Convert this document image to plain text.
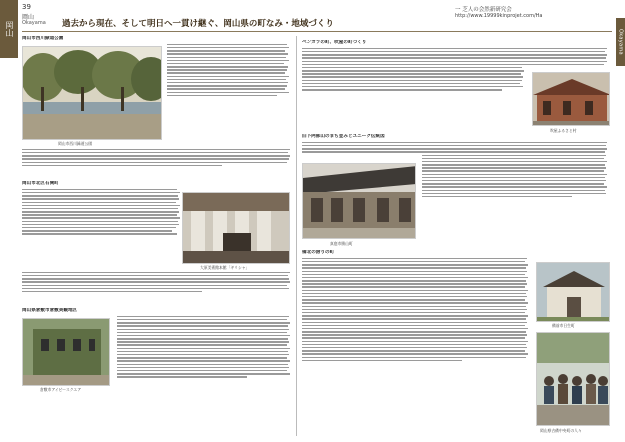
岡山
39
岡山
Okayama 過去から現在、そして明日へ一貫け継ぐ、岡山県の町なみ・地域づくり
一 芝人の会然新研究会
http://www.19999kinprojet.com/Ha
Okayama
岡山市西川緑道公園
岡山市西川緑道公園
岡山市北区石関町
大原美術館本館「ギリシャ」
岡山県倉敷市倉敷美観地区
倉敷市アイビースクエア
ベンガラの町、吹屋の町づくり
吹屋ふるさと村
旧下阿部山のまち並みとユニーク伝統図
真庭市勝山町
備北の誇りの町
備前市日生町
岡山県吉備中央町の人々
